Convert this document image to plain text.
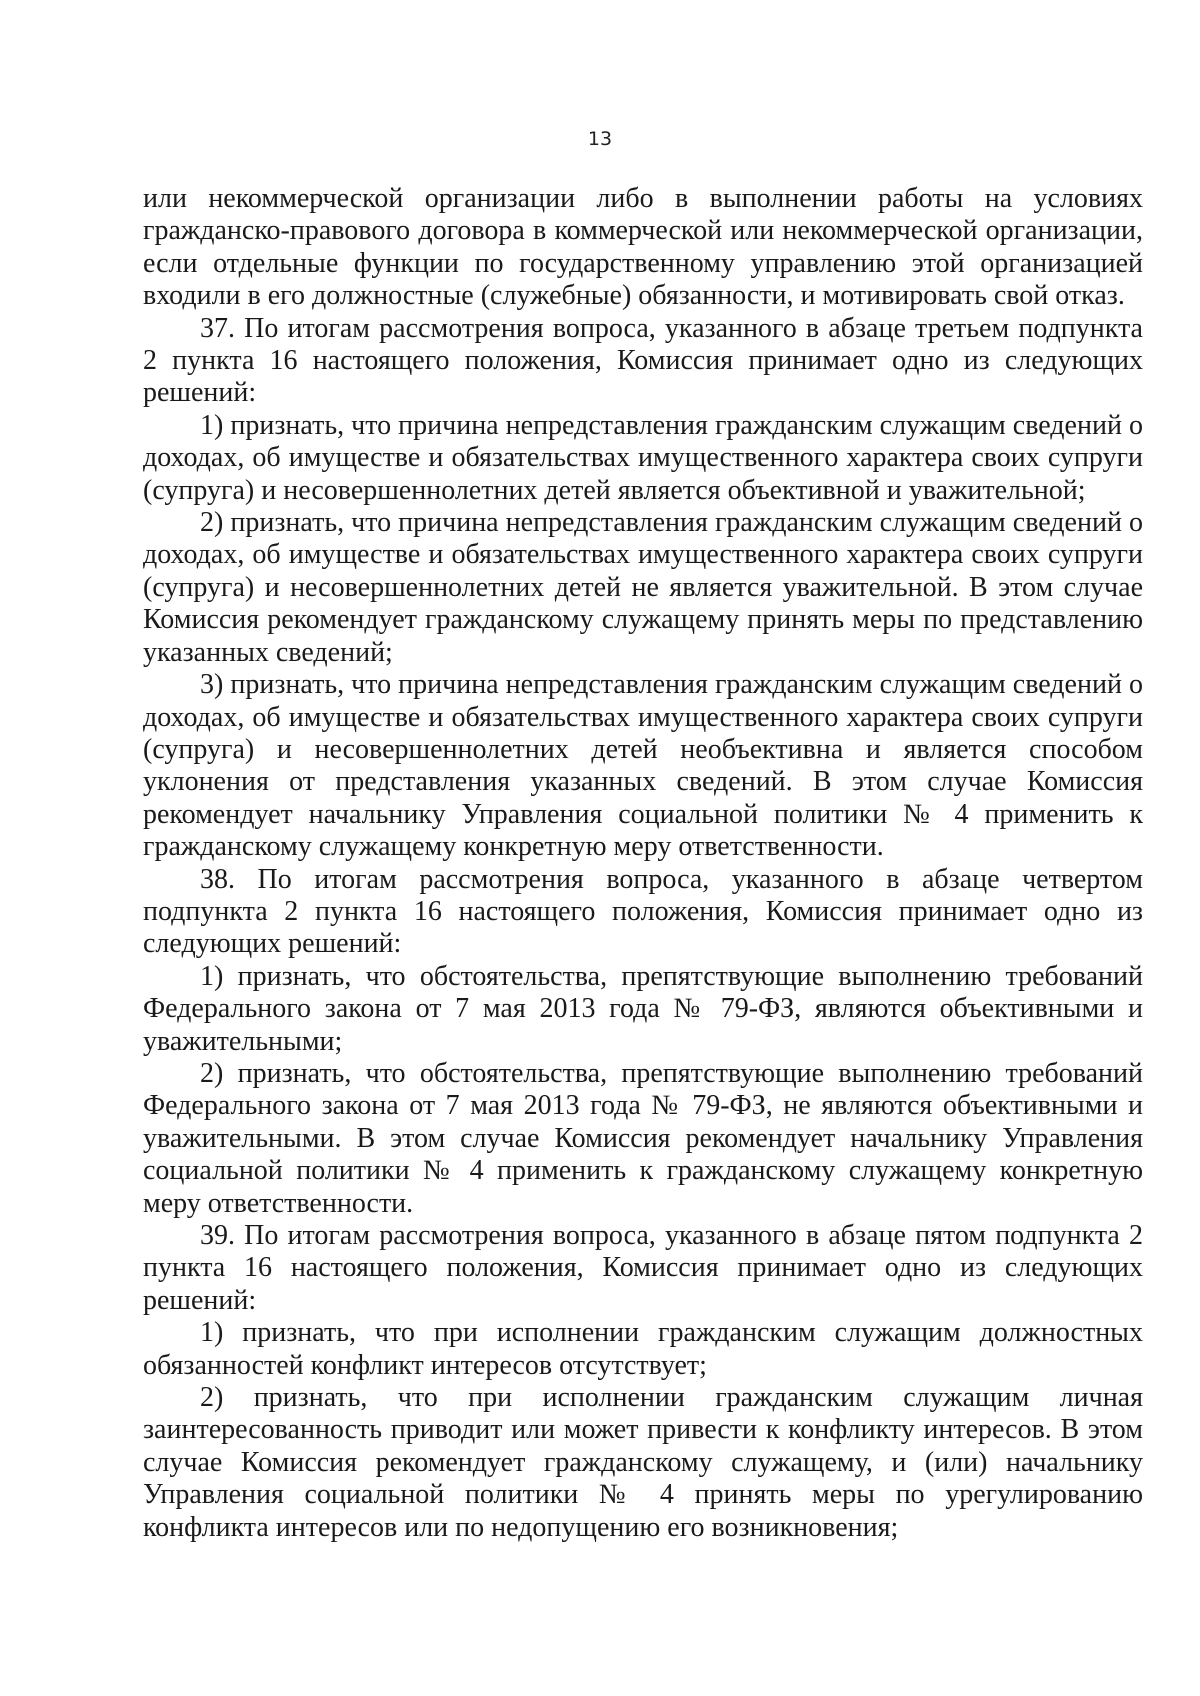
13

или некоммерческой организации либо в выполнении работы на условиях гражданско-правового договора в коммерческой или некоммерческой организации, если отдельные функции по государственному управлению этой организацией входили в его должностные (служебные) обязанности, и мотивировать свой отказ.

37. По итогам рассмотрения вопроса, указанного в абзаце третьем подпункта 2 пункта 16 настоящего положения, Комиссия принимает одно из следующих решений:

1) признать, что причина непредставления гражданским служащим сведений о доходах, об имуществе и обязательствах имущественного характера своих супруги (супруга) и несовершеннолетних детей является объективной и уважительной;

2) признать, что причина непредставления гражданским служащим сведений о доходах, об имуществе и обязательствах имущественного характера своих супруги (супруга) и несовершеннолетних детей не является уважительной. В этом случае Комиссия рекомендует гражданскому служащему принять меры по представлению указанных сведений;

3) признать, что причина непредставления гражданским служащим сведений о доходах, об имуществе и обязательствах имущественного характера своих супруги (супруга) и несовершеннолетних детей необъективна и является способом уклонения от представления указанных сведений. В этом случае Комиссия рекомендует начальнику Управления социальной политики № 4 применить к гражданскому служащему конкретную меру ответственности.

38. По итогам рассмотрения вопроса, указанного в абзаце четвертом подпункта 2 пункта 16 настоящего положения, Комиссия принимает одно из следующих решений:

1) признать, что обстоятельства, препятствующие выполнению требований Федерального закона от 7 мая 2013 года № 79-ФЗ, являются объективными и уважительными;

2) признать, что обстоятельства, препятствующие выполнению требований Федерального закона от 7 мая 2013 года № 79-ФЗ, не являются объективными и уважительными. В этом случае Комиссия рекомендует начальнику Управления социальной политики № 4 применить к гражданскому служащему конкретную меру ответственности.

39. По итогам рассмотрения вопроса, указанного в абзаце пятом подпункта 2 пункта 16 настоящего положения, Комиссия принимает одно из следующих решений:

1) признать, что при исполнении гражданским служащим должностных обязанностей конфликт интересов отсутствует;

2) признать, что при исполнении гражданским служащим личная заинтересованность приводит или может привести к конфликту интересов. В этом случае Комиссия рекомендует гражданскому служащему, и (или) начальнику Управления социальной политики № 4 принять меры по урегулированию конфликта интересов или по недопущению его возникновения;
